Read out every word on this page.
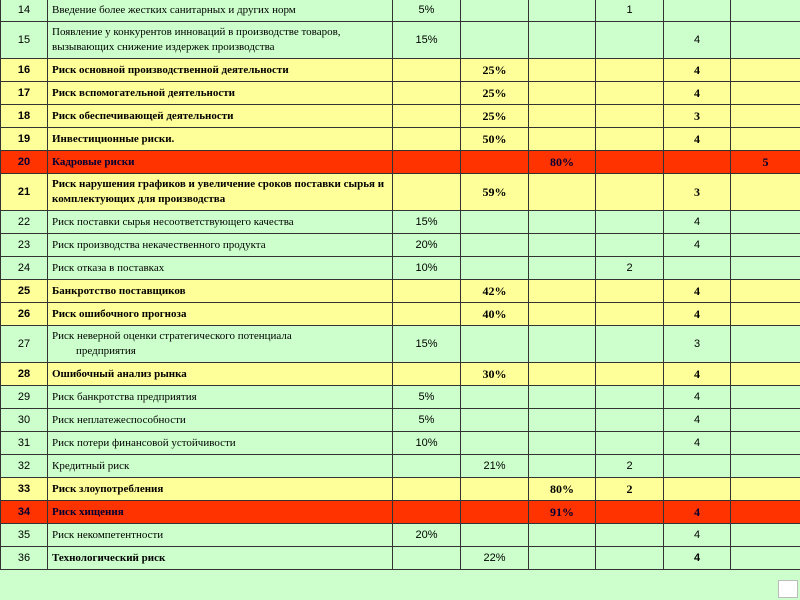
14	Введение более жестких санитарных и других норм	5%			1		
15	Появление у конкурентов инноваций в производстве товаров, вызывающих снижение издержек производства	15%				4	
16	Риск основной производственной деятельности		25%			4	
17	Риск вспомогательной деятельности		25%			4	
18	Риск обеспечивающей деятельности		25%			3	
19	Инвестиционные риски.		50%			4	
20	Кадровые риски			80%			5
21	Риск нарушения графиков и увеличение сроков поставки сырья и комплектующих для производства		59%			3	
22	Риск поставки сырья несоответствующего качества	15%				4	
23	Риск производства некачественного продукта	20%				4	
24	Риск отказа в поставках	10%			2		
25	Банкротство поставщиков		42%			4	
26	Риск ошибочного прогноза		40%			4	
27	Риск неверной оценки стратегического потенциала
предприятия	15%				3	
28	Ошибочный анализ рынка		30%			4	
29	Риск банкротства предприятия	5%				4	
30	Риск неплатежеспособности	5%				4	
31	Риск потери финансовой устойчивости	10%				4	
32	Кредитный риск		21%		2		
33	Риск злоупотребления			80%	2		
34	Риск хищения			91%		4	
35	Риск некомпетентности	20%				4	
36	Технологический риск		22%			4	
